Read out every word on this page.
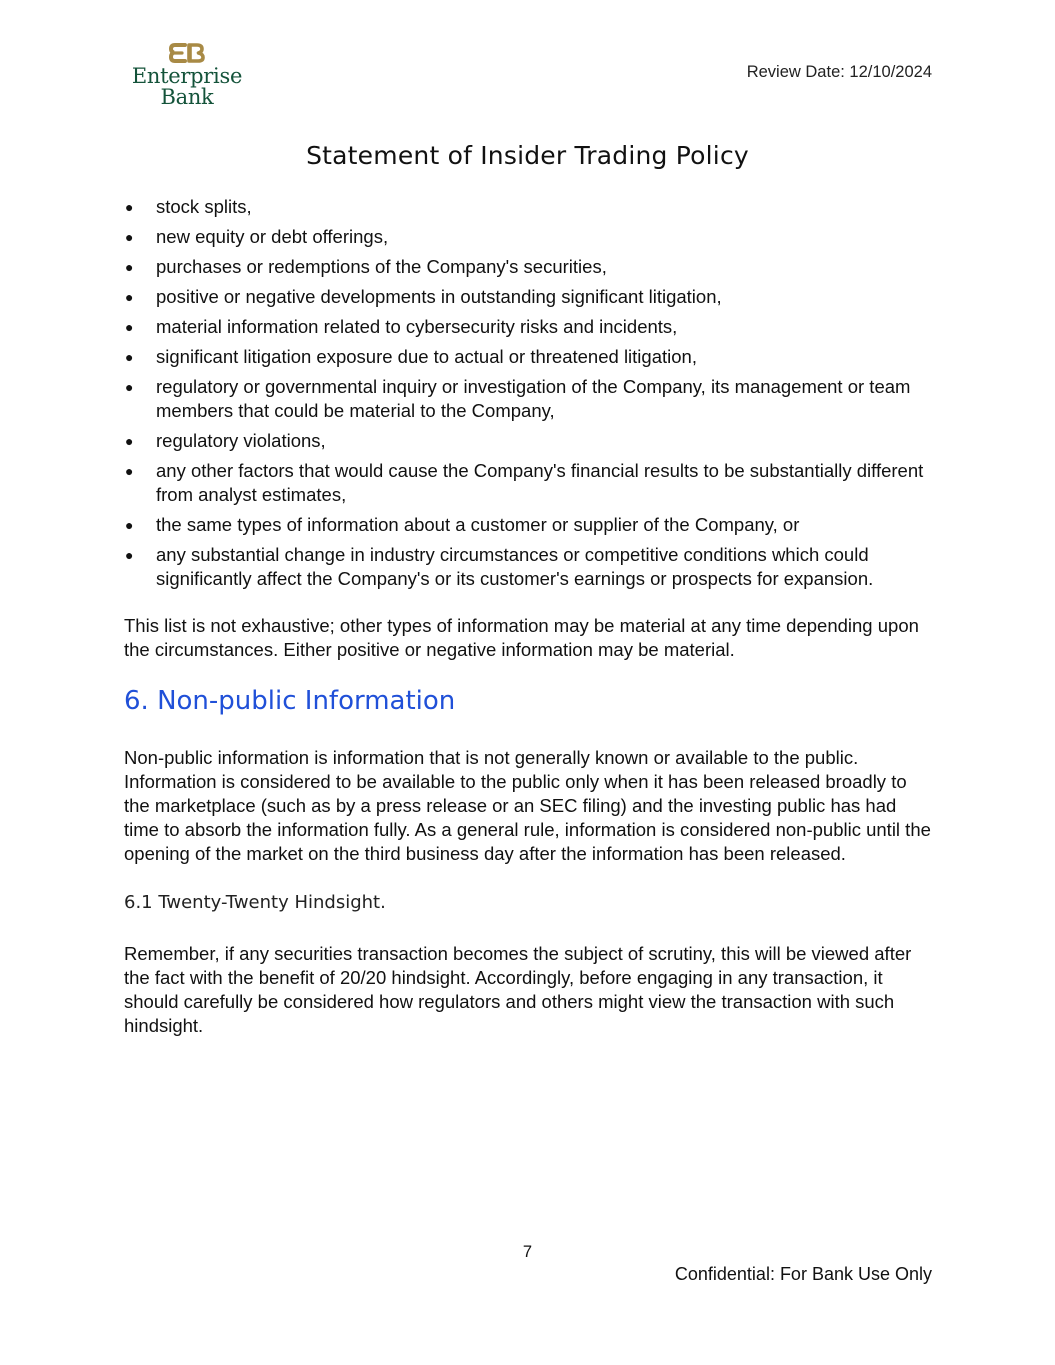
Enterprise
Bank
Review Date: 12/10/2024
Statement of Insider Trading Policy
● stock splits,
● new equity or debt offerings,
● purchases or redemptions of the Company's securities,
● positive or negative developments in outstanding significant litigation,
● material information related to cybersecurity risks and incidents,
● significant litigation exposure due to actual or threatened litigation,
● regulatory or governmental inquiry or investigation of the Company, its management or team members that could be material to the Company,
● regulatory violations,
● any other factors that would cause the Company's financial results to be substantially different from analyst estimates,
● the same types of information about a customer or supplier of the Company, or
● any substantial change in industry circumstances or competitive conditions which could significantly affect the Company's or its customer's earnings or prospects for expansion.

This list is not exhaustive; other types of information may be material at any time depending upon the circumstances. Either positive or negative information may be material.

6. Non-public Information

Non-public information is information that is not generally known or available to the public. Information is considered to be available to the public only when it has been released broadly to the marketplace (such as by a press release or an SEC filing) and the investing public has had time to absorb the information fully. As a general rule, information is considered non-public until the opening of the market on the third business day after the information has been released.

6.1 Twenty-Twenty Hindsight.

Remember, if any securities transaction becomes the subject of scrutiny, this will be viewed after the fact with the benefit of 20/20 hindsight. Accordingly, before engaging in any transaction, it should carefully be considered how regulators and others might view the transaction with such hindsight.

7
Confidential: For Bank Use Only
